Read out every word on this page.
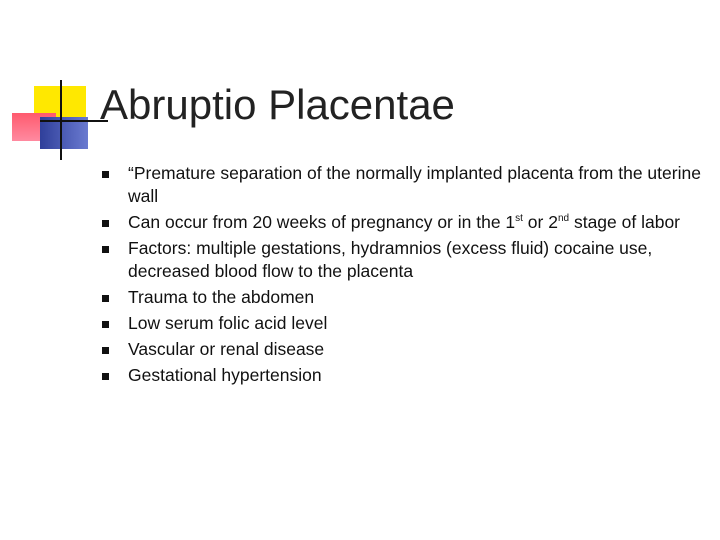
Abruptio Placentae
“Premature separation of the normally implanted placenta from the uterine wall
Can occur from 20 weeks of pregnancy or in the 1st or 2nd stage of labor
Factors: multiple gestations, hydramnios (excess fluid) cocaine use, decreased blood flow to the placenta
Trauma to the abdomen
Low serum folic acid level
Vascular or renal disease
Gestational hypertension
